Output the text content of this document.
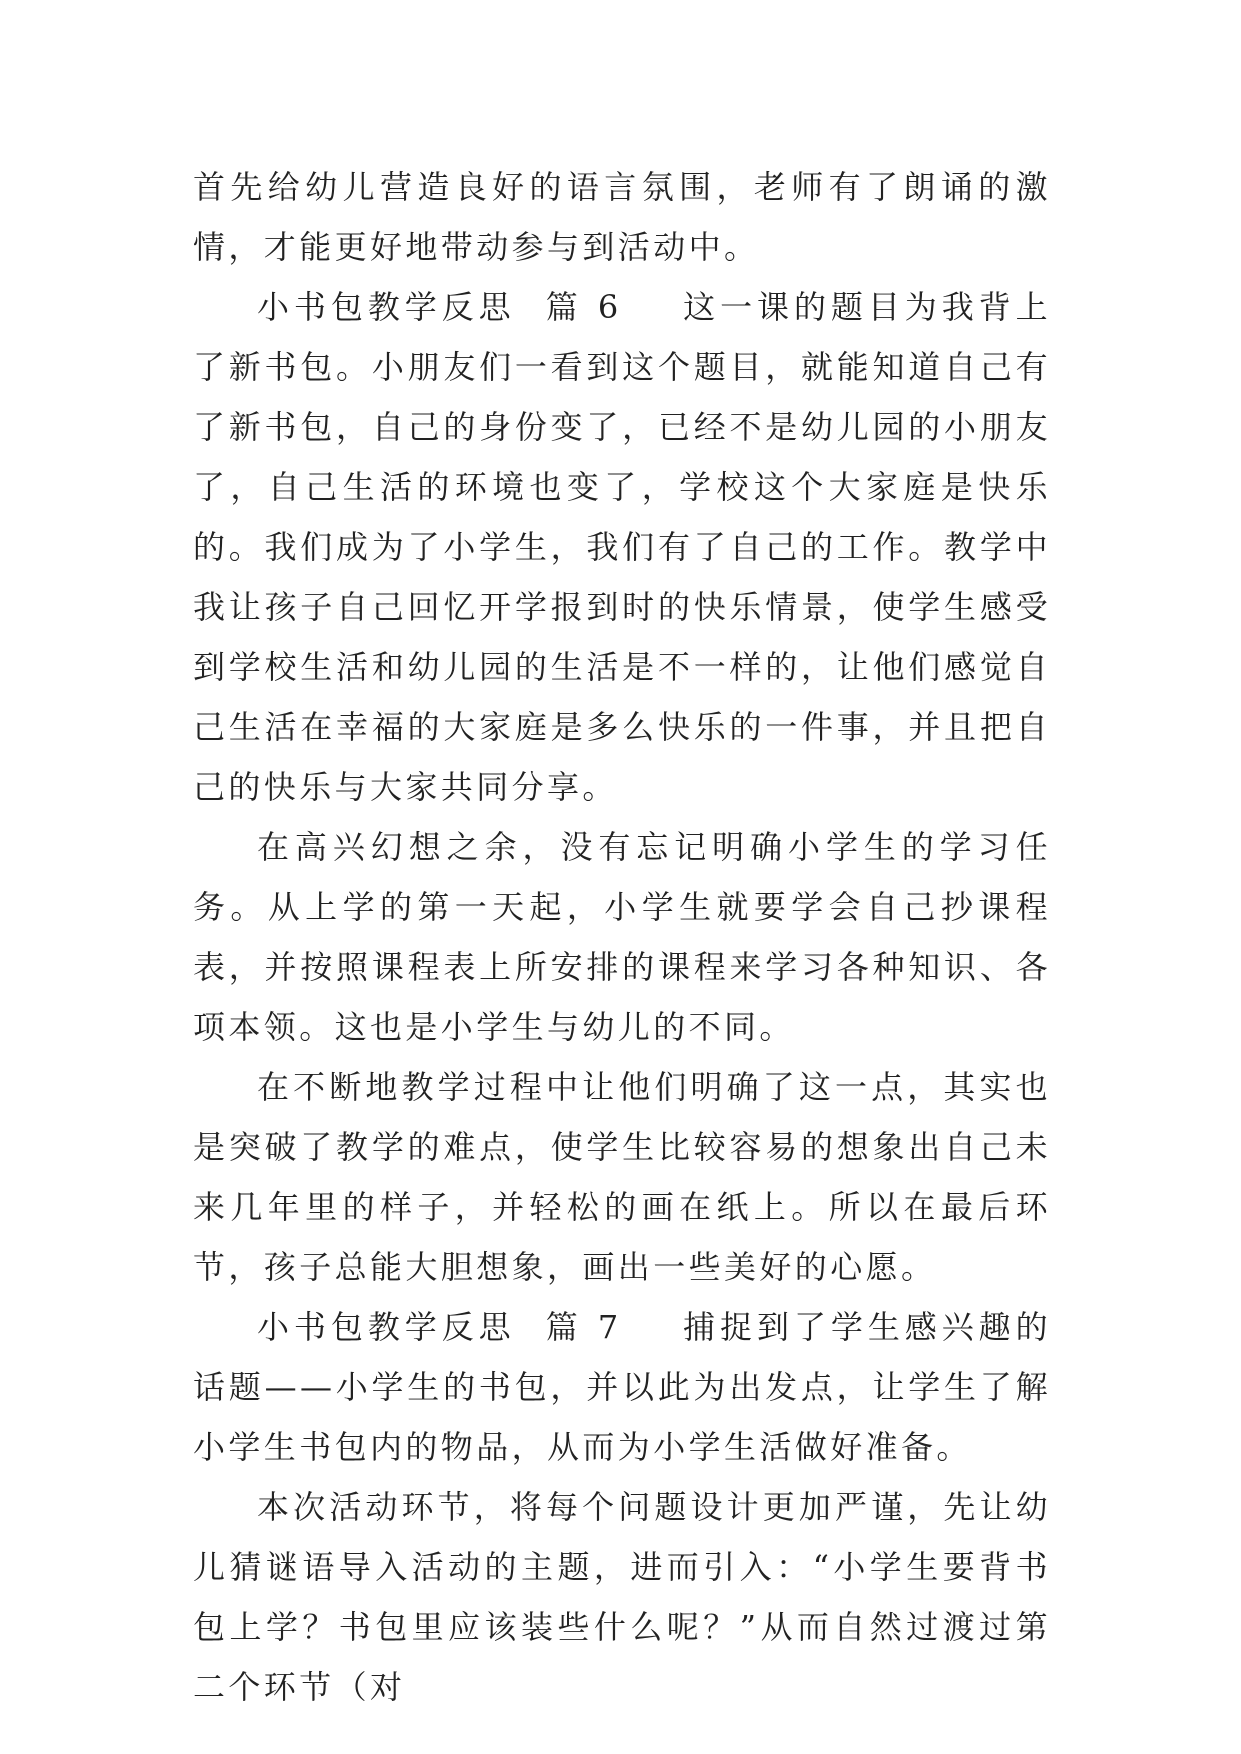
首先给幼儿营造良好的语言氛围，老师有了朗诵的激情，才能更好地带动参与到活动中。

小书包教学反思  篇 6 这一课的题目为我背上了新书包。小朋友们一看到这个题目，就能知道自己有了新书包，自己的身份变了，已经不是幼儿园的小朋友了，自己生活的环境也变了，学校这个大家庭是快乐的。我们成为了小学生，我们有了自己的工作。教学中我让孩子自己回忆开学报到时的快乐情景，使学生感受到学校生活和幼儿园的生活是不一样的，让他们感觉自己生活在幸福的大家庭是多么快乐的一件事，并且把自己的快乐与大家共同分享。

在高兴幻想之余，没有忘记明确小学生的学习任务。从上学的第一天起，小学生就要学会自己抄课程表，并按照课程表上所安排的课程来学习各种知识、各项本领。这也是小学生与幼儿的不同。

在不断地教学过程中让他们明确了这一点，其实也是突破了教学的难点，使学生比较容易的想象出自己未来几年里的样子，并轻松的画在纸上。所以在最后环节，孩子总能大胆想象，画出一些美好的心愿。

小书包教学反思  篇 7 捕捉到了学生感兴趣的话题——小学生的书包，并以此为出发点，让学生了解小学生书包内的物品，从而为小学生活做好准备。

本次活动环节，将每个问题设计更加严谨，先让幼儿猜谜语导入活动的主题，进而引入：“小学生要背书包上学？书包里应该装些什么呢？”从而自然过渡过第二个环节（对
